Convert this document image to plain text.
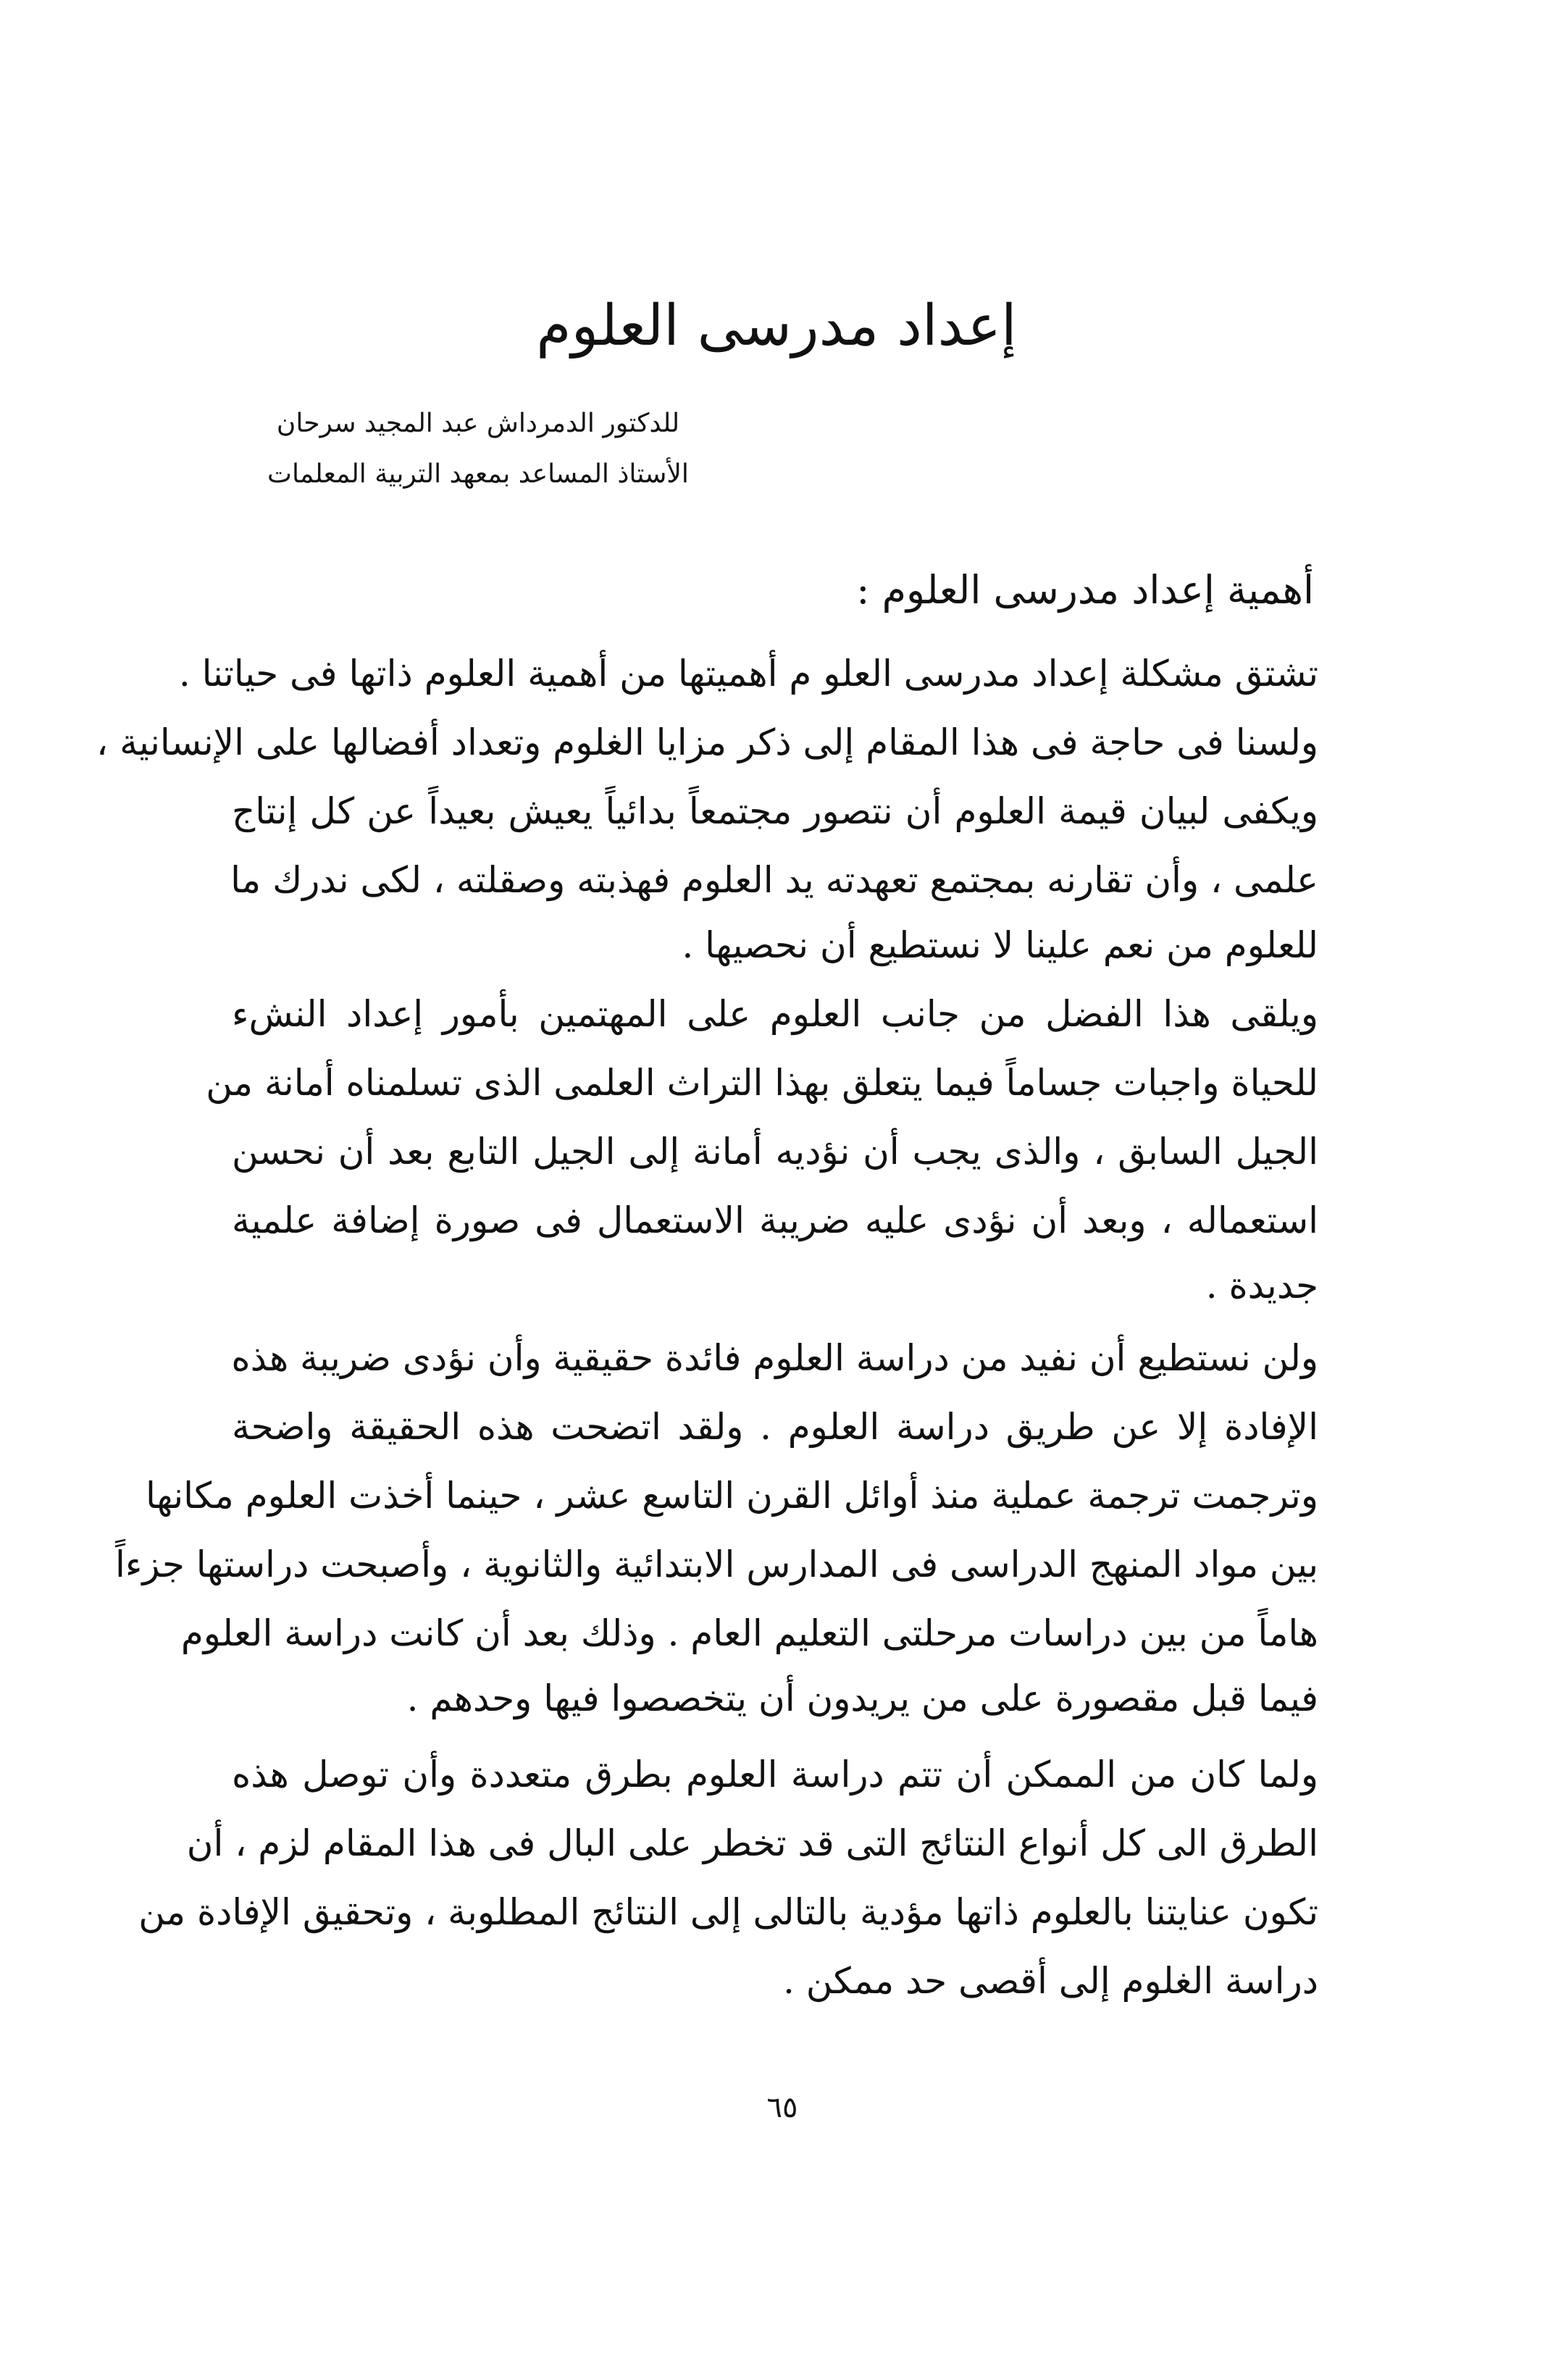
إعداد مدرسى العلوم
للدكتور الدمرداش عبد المجيد سرحان
الأستاذ المساعد بمعهد التربية المعلمات
أهمية إعداد مدرسى العلوم :
تشتق مشكلة إعداد مدرسى العلو م أهميتها من أهمية العلوم ذاتها فى حياتنا .
ولسنا فى حاجة فى هذا المقام إلى ذكر مزايا الغلوم وتعداد أفضالها على الإنسانية ،
ويكفى لبيان قيمة العلوم أن نتصور مجتمعاً بدائياً يعيش بعيداً عن كل إنتاج
علمى ، وأن تقارنه بمجتمع تعهدته يد العلوم فهذبته وصقلته ، لكى ندرك ما
للعلوم من نعم علينا لا نستطيع أن نحصيها .
ويلقى هذا الفضل من جانب العلوم على المهتمين بأمور إعداد النشء
للحياة واجبات جساماً فيما يتعلق بهذا التراث العلمى الذى تسلمناه أمانة من
الجيل السابق ، والذى يجب أن نؤديه أمانة إلى الجيل التابع بعد أن نحسن
استعماله ، وبعد أن نؤدى عليه ضريبة الاستعمال فى صورة إضافة علمية
جديدة .
ولن نستطيع أن نفيد من دراسة العلوم فائدة حقيقية وأن نؤدى ضريبة هذه
الإفادة إلا عن طريق دراسة العلوم . ولقد اتضحت هذه الحقيقة واضحة
وترجمت ترجمة عملية منذ أوائل القرن التاسع عشر ، حينما أخذت العلوم مكانها
بين مواد المنهج الدراسى فى المدارس الابتدائية والثانوية ، وأصبحت دراستها جزءاً
هاماً من بين دراسات مرحلتى التعليم العام . وذلك بعد أن كانت دراسة العلوم
فيما قبل مقصورة على من يريدون أن يتخصصوا فيها وحدهم .
ولما كان من الممكن أن تتم دراسة العلوم بطرق متعددة وأن توصل هذه
الطرق الى كل أنواع النتائج التى قد تخطر على البال فى هذا المقام لزم ، أن
تكون عنايتنا بالعلوم ذاتها مؤدية بالتالى إلى النتائج المطلوبة ، وتحقيق الإفادة من
دراسة الغلوم إلى أقصى حد ممكن .
٦٥
